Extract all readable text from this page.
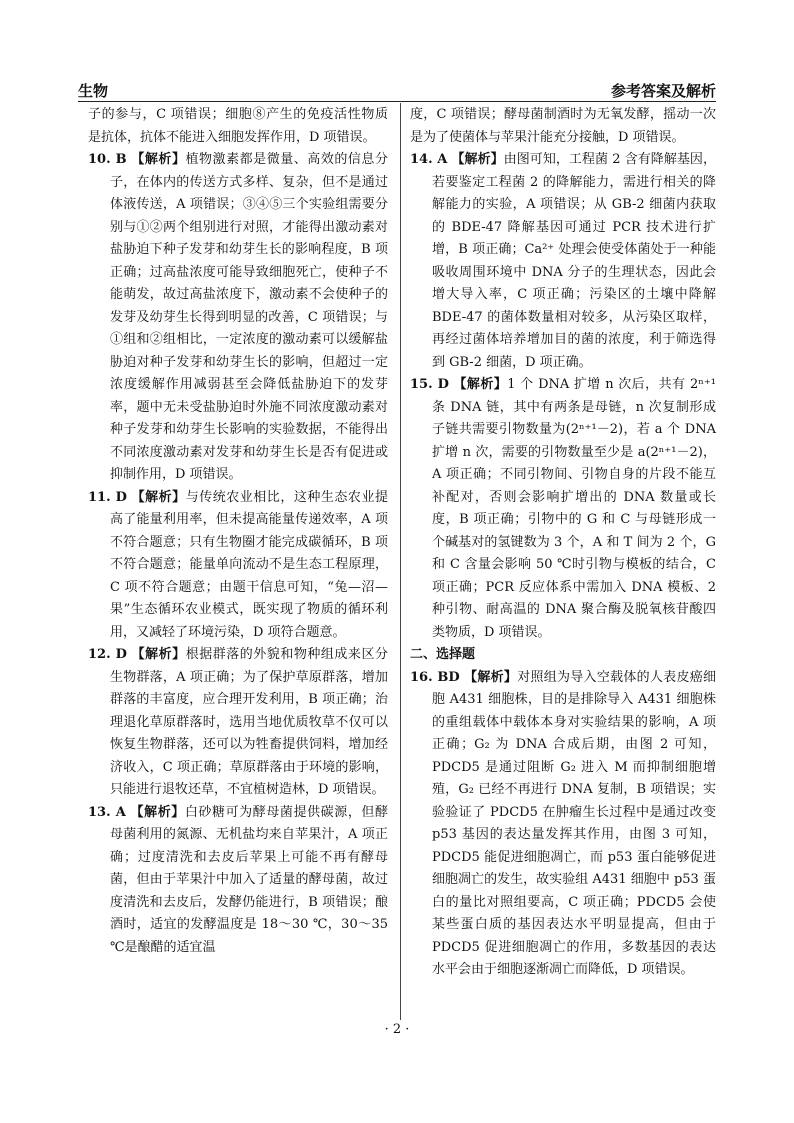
生物	参考答案及解析

子的参与，C 项错误；细胞⑧产生的免疫活性物质是抗体，抗体不能进入细胞发挥作用，D 项错误。

10. B 【解析】植物激素都是微量、高效的信息分子，在体内的传送方式多样、复杂，但不是通过体液传送，A 项错误；③④⑤三个实验组需要分别与①②两个组别进行对照，才能得出激动素对盐胁迫下种子发芽和幼芽生长的影响程度，B 项正确；过高盐浓度可能导致细胞死亡，使种子不能萌发，故过高盐浓度下，激动素不会使种子的发芽及幼芽生长得到明显的改善，C 项错误；与①组和②组相比，一定浓度的激动素可以缓解盐胁迫对种子发芽和幼芽生长的影响，但超过一定浓度缓解作用减弱甚至会降低盐胁迫下的发芽率，题中无未受盐胁迫时外施不同浓度激动素对种子发芽和幼芽生长影响的实验数据，不能得出不同浓度激动素对发芽和幼芽生长是否有促进或抑制作用，D 项错误。

11. D 【解析】与传统农业相比，这种生态农业提高了能量利用率，但未提高能量传递效率，A 项不符合题意；只有生物圈才能完成碳循环，B 项不符合题意；能量单向流动不是生态工程原理，C 项不符合题意；由题干信息可知，“兔—沼—果”生态循环农业模式，既实现了物质的循环利用，又减轻了环境污染，D 项符合题意。

12. D 【解析】根据群落的外貌和物种组成来区分生物群落，A 项正确；为了保护草原群落，增加群落的丰富度，应合理开发利用，B 项正确；治理退化草原群落时，选用当地优质牧草不仅可以恢复生物群落，还可以为牲畜提供饲料，增加经济收入，C 项正确；草原群落由于环境的影响，只能进行退牧还草，不宜植树造林，D 项错误。

13. A 【解析】白砂糖可为酵母菌提供碳源，但酵母菌利用的氮源、无机盐均来自苹果汁，A 项正确；过度清洗和去皮后苹果上可能不再有酵母菌，但由于苹果汁中加入了适量的酵母菌，故过度清洗和去皮后，发酵仍能进行，B 项错误；酿酒时，适宜的发酵温度是 18～30 ℃，30～35 ℃是酿醋的适宜温

度，C 项错误；酵母菌制酒时为无氧发酵，摇动一次是为了使菌体与苹果汁能充分接触，D 项错误。

14. A 【解析】由图可知，工程菌 2 含有降解基因，若要鉴定工程菌 2 的降解能力，需进行相关的降解能力的实验，A 项错误；从 GB-2 细菌内获取的 BDE-47 降解基因可通过 PCR 技术进行扩增，B 项正确；Ca²⁺ 处理会使受体菌处于一种能吸收周围环境中 DNA 分子的生理状态，因此会增大导入率，C 项正确；污染区的土壤中降解 BDE-47 的菌体数量相对较多，从污染区取样，再经过菌体培养增加目的菌的浓度，利于筛选得到 GB-2 细菌，D 项正确。

15. D 【解析】1 个 DNA 扩增 n 次后，共有 2ⁿ⁺¹ 条 DNA 链，其中有两条是母链，n 次复制形成子链共需要引物数量为(2ⁿ⁺¹－2)，若 a 个 DNA 扩增 n 次，需要的引物数量至少是 a(2ⁿ⁺¹－2)，A 项正确；不同引物间、引物自身的片段不能互补配对，否则会影响扩增出的 DNA 数量或长度，B 项正确；引物中的 G 和 C 与母链形成一个碱基对的氢键数为 3 个，A 和 T 间为 2 个，G 和 C 含量会影响 50 ℃时引物与模板的结合，C 项正确；PCR 反应体系中需加入 DNA 模板、2 种引物、耐高温的 DNA 聚合酶及脱氧核苷酸四类物质，D 项错误。

二、选择题

16. BD 【解析】对照组为导入空载体的人表皮癌细胞 A431 细胞株，目的是排除导入 A431 细胞株的重组载体中载体本身对实验结果的影响，A 项正确；G₂ 为 DNA 合成后期，由图 2 可知，PDCD5 是通过阻断 G₂ 进入 M 而抑制细胞增殖，G₂ 已经不再进行 DNA 复制，B 项错误；实验验证了 PDCD5 在肿瘤生长过程中是通过改变 p53 基因的表达量发挥其作用，由图 3 可知，PDCD5 能促进细胞凋亡，而 p53 蛋白能够促进细胞凋亡的发生，故实验组 A431 细胞中 p53 蛋白的量比对照组要高，C 项正确；PDCD5 会使某些蛋白质的基因表达水平明显提高，但由于 PDCD5 促进细胞凋亡的作用，多数基因的表达水平会由于细胞逐渐凋亡而降低，D 项错误。

· 2 ·
